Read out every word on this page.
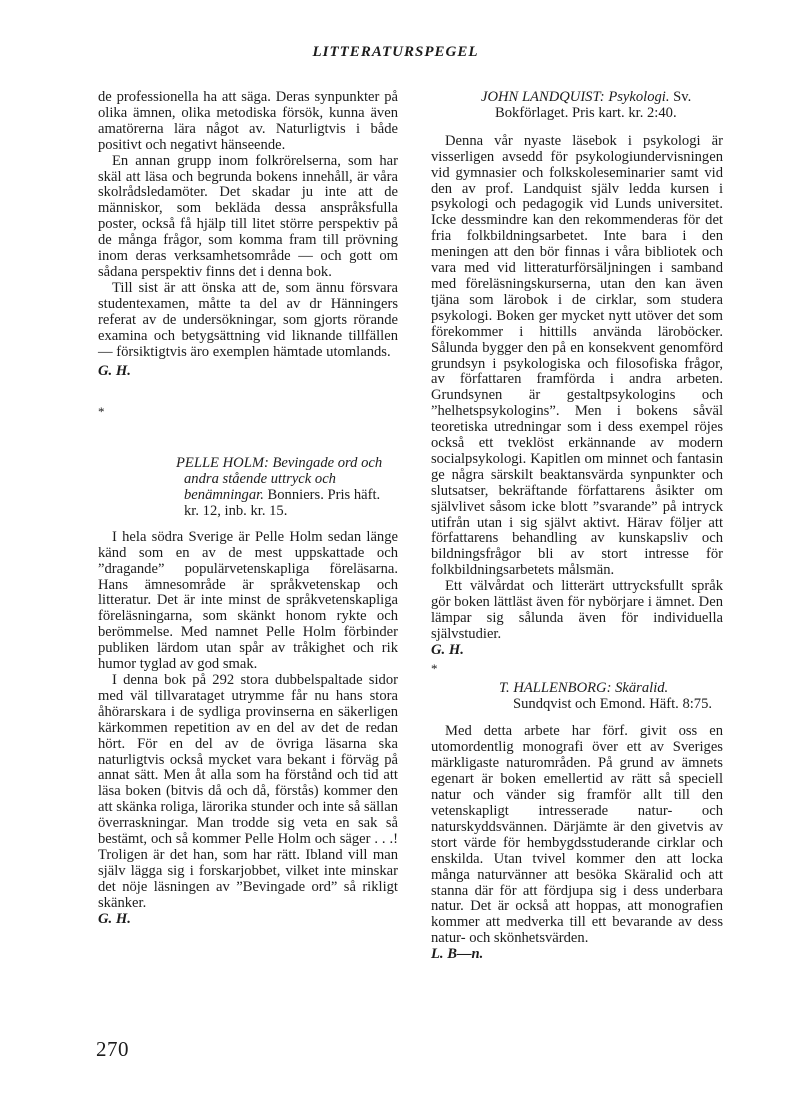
LITTERATURSPEGEL

de professionella ha att säga. Deras synpunkter på olika ämnen, olika metodiska försök, kunna även amatörerna lära något av. Naturligtvis i både positivt och negativt hänseende.

En annan grupp inom folkrörelserna, som har skäl att läsa och begrunda bokens innehåll, är våra skolrådsledamöter. Det skadar ju inte att de människor, som bekläda dessa anspråksfulla poster, också få hjälp till litet större perspektiv på de många frågor, som komma fram till prövning inom deras verksamhetsområde — och gott om sådana perspektiv finns det i denna bok.

Till sist är att önska att de, som ännu försvara studentexamen, måtte ta del av dr Hänningers referat av de undersökningar, som gjorts rörande examina och betygsättning vid liknande tillfällen — försiktigtvis äro exemplen hämtade utomlands.

G. H.

*

PELLE HOLM: Bevingade ord och andra stående uttryck och benämningar. Bonniers. Pris häft. kr. 12, inb. kr. 15.

I hela södra Sverige är Pelle Holm sedan länge känd som en av de mest uppskattade och ”dragande” populärvetenskapliga föreläsarna. Hans ämnesområde är språkvetenskap och litteratur. Det är inte minst de språkvetenskapliga föreläsningarna, som skänkt honom rykte och berömmelse. Med namnet Pelle Holm förbinder publiken lärdom utan spår av tråkighet och rik humor tyglad av god smak.

I denna bok på 292 stora dubbelspaltade sidor med väl tillvarataget utrymme får nu hans stora åhörarskara i de sydliga provinserna en säkerligen kärkommen repetition av en del av det de redan hört. För en del av de övriga läsarna ska naturligtvis också mycket vara bekant i förväg på annat sätt. Men åt alla som ha förstånd och tid att läsa boken (bitvis då och då, förstås) kommer den att skänka roliga, lärorika stunder och inte så sällan överraskningar. Man trodde sig veta en sak så bestämt, och så kommer Pelle Holm och säger . . .! Troligen är det han, som har rätt. Ibland vill man själv lägga sig i forskarjobbet, vilket inte minskar det nöje läsningen av ”Bevingade ord” så rikligt skänker.

G. H.

JOHN LANDQUIST: Psykologi. Sv. Bokförlaget. Pris kart. kr. 2:40.

Denna vår nyaste läsebok i psykologi är visserligen avsedd för psykologiundervisningen vid gymnasier och folkskoleseminarier samt vid den av prof. Landquist själv ledda kursen i psykologi och pedagogik vid Lunds universitet. Icke dessmindre kan den rekommenderas för det fria folkbildningsarbetet. Inte bara i den meningen att den bör finnas i våra bibliotek och vara med vid litteraturförsäljningen i samband med föreläsningskurserna, utan den kan även tjäna som lärobok i de cirklar, som studera psykologi. Boken ger mycket nytt utöver det som förekommer i hittills använda läroböcker. Sålunda bygger den på en konsekvent genomförd grundsyn i psykologiska och filosofiska frågor, av författaren framförda i andra arbeten. Grundsynen är gestaltpsykologins och ”helhetspsykologins”. Men i bokens såväl teoretiska utredningar som i dess exempel röjes också ett tveklöst erkännande av modern socialpsykologi. Kapitlen om minnet och fantasin ge några särskilt beaktansvärda synpunkter och slutsatser, bekräftande författarens åsikter om självlivet såsom icke blott ”svarande” på intryck utifrån utan i sig självt aktivt. Härav följer att författarens behandling av kunskapsliv och bildningsfrågor bli av stort intresse för folkbildningsarbetets målsmän.

Ett välvårdat och litterärt uttrycksfullt språk gör boken lättläst även för nybörjare i ämnet. Den lämpar sig sålunda även för individuella självstudier.

G. H.

*

T. HALLENBORG: Skäralid. Sundqvist och Emond. Häft. 8:75.

Med detta arbete har förf. givit oss en utomordentlig monografi över ett av Sveriges märkligaste naturområden. På grund av ämnets egenart är boken emellertid av rätt så speciell natur och vänder sig framför allt till den vetenskapligt intresserade natur- och naturskyddsvännen. Därjämte är den givetvis av stort värde för hembygdsstuderande cirklar och enskilda. Utan tvivel kommer den att locka många naturvänner att besöka Skäralid och att stanna där för att fördjupa sig i dess underbara natur. Det är också att hoppas, att monografien kommer att medverka till ett bevarande av dess natur- och skönhetsvärden.

L. B—n.

270
